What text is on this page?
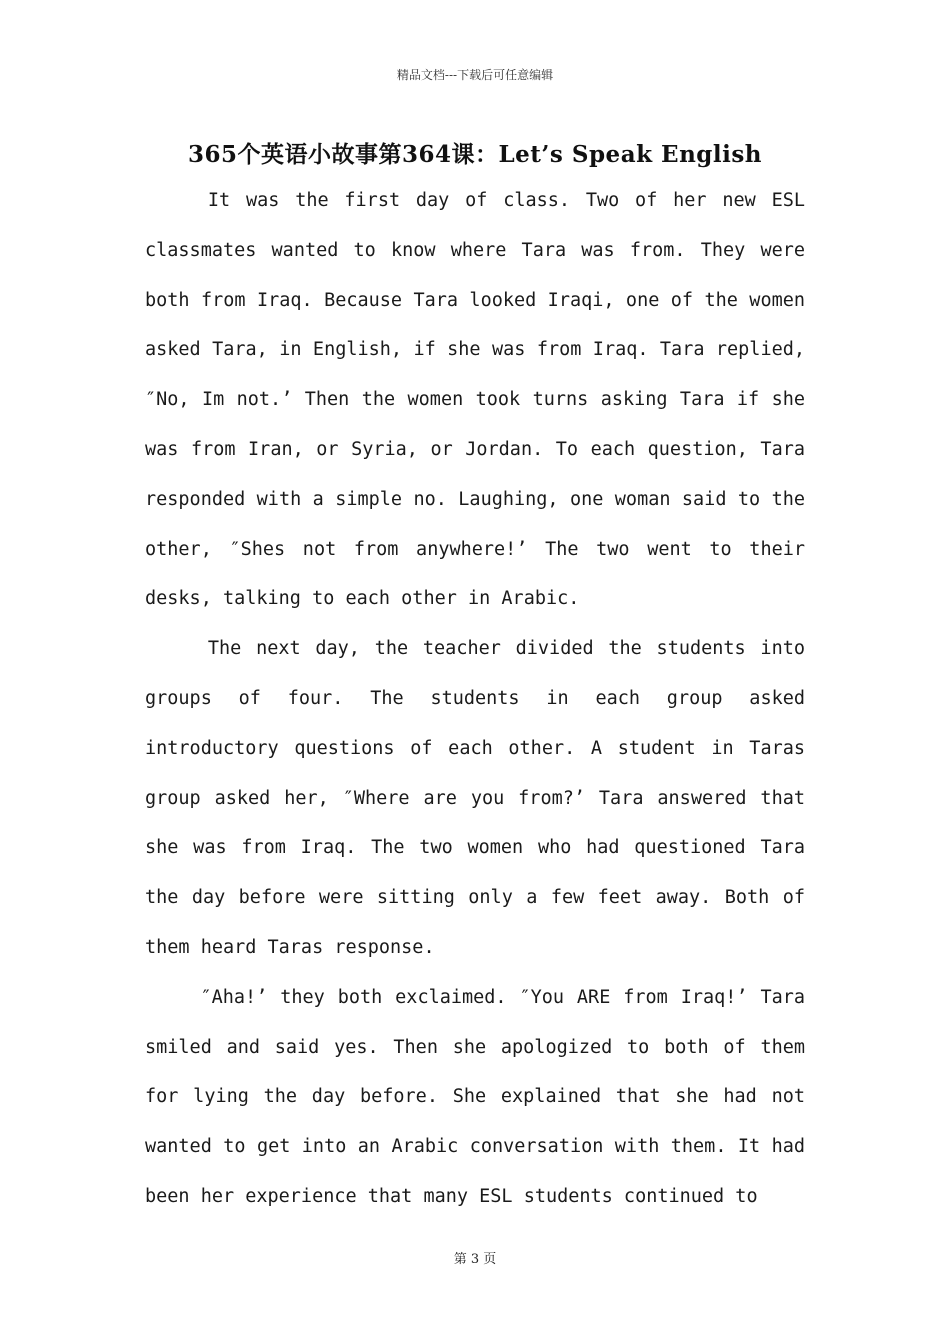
精品文档---下载后可任意编辑
365个英语小故事第364课：Let’s Speak English

It was the first day of class. Two of her new ESL classmates wanted to know where Tara was from. They were both from Iraq. Because Tara looked Iraqi, one of the women asked Tara, in English, if she was from Iraq. Tara replied, ″No, Im not.’ Then the women took turns asking Tara if she was from Iran, or Syria, or Jordan. To each question, Tara responded with a simple no. Laughing, one woman said to the other, ″Shes not from anywhere!’ The two went to their desks, talking to each other in Arabic.

The next day, the teacher divided the students into groups of four. The students in each group asked introductory questions of each other. A student in Taras group asked her, ″Where are you from?’ Tara answered that she was from Iraq. The two women who had questioned Tara the day before were sitting only a few feet away. Both of them heard Taras response.

″Aha!’ they both exclaimed. ″You ARE from Iraq!’ Tara smiled and said yes. Then she apologized to both of them for lying the day before. She explained that she had not wanted to get into an Arabic conversation with them. It had been her experience that many ESL students continued to

第 3 页
